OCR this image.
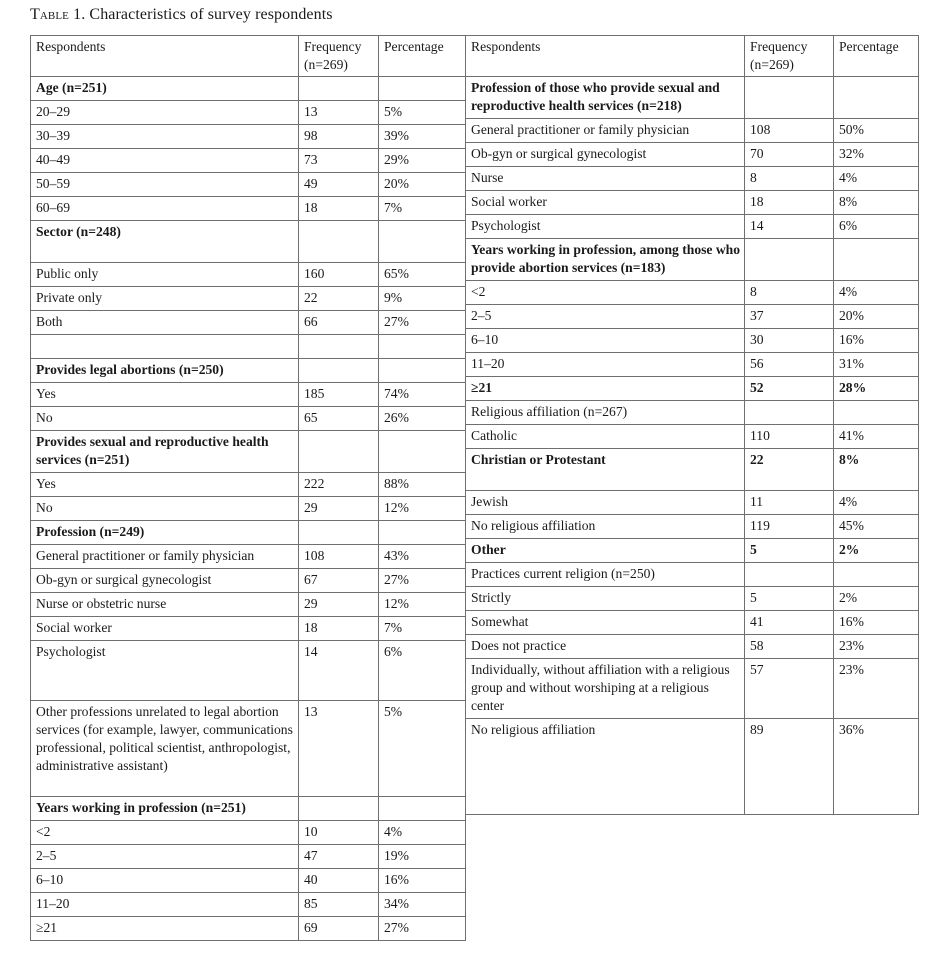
Table 1. Characteristics of survey respondents
Respondents	Frequency (n=269)	Percentage
Age (n=251)		
20–29	13	5%
30–39	98	39%
40–49	73	29%
50–59	49	20%
60–69	18	7%
Sector (n=248)		
Public only	160	65%
Private only	22	9%
Both	66	27%

Provides legal abortions (n=250)		
Yes	185	74%
No	65	26%
Provides sexual and reproductive health services (n=251)		
Yes	222	88%
No	29	12%
Profession (n=249)		
General practitioner or family physician	108	43%
Ob-gyn or surgical gynecologist	67	27%
Nurse or obstetric nurse	29	12%
Social worker	18	7%
Psychologist	14	6%
Other professions unrelated to legal abortion services (for example, lawyer, communications professional, political scientist, anthropologist, administrative assistant)	13	5%
Years working in profession (n=251)		
<2	10	4%
2–5	47	19%
6–10	40	16%
11–20	85	34%
≥21	69	27%
Respondents	Frequency (n=269)	Percentage
Profession of those who provide sexual and reproductive health services (n=218)		
General practitioner or family physician	108	50%
Ob-gyn or surgical gynecologist	70	32%
Nurse	8	4%
Social worker	18	8%
Psychologist	14	6%
Years working in profession, among those who provide abortion services (n=183)		
<2	8	4%
2–5	37	20%
6–10	30	16%
11–20	56	31%
≥21	52	28%
Religious affiliation (n=267)		
Catholic	110	41%
Christian or Protestant	22	8%
Jewish	11	4%
No religious affiliation	119	45%
Other	5	2%
Practices current religion (n=250)		
Strictly	5	2%
Somewhat	41	16%
Does not practice	58	23%
Individually, without affiliation with a religious group and without worshiping at a religious center	57	23%
No religious affiliation	89	36%
